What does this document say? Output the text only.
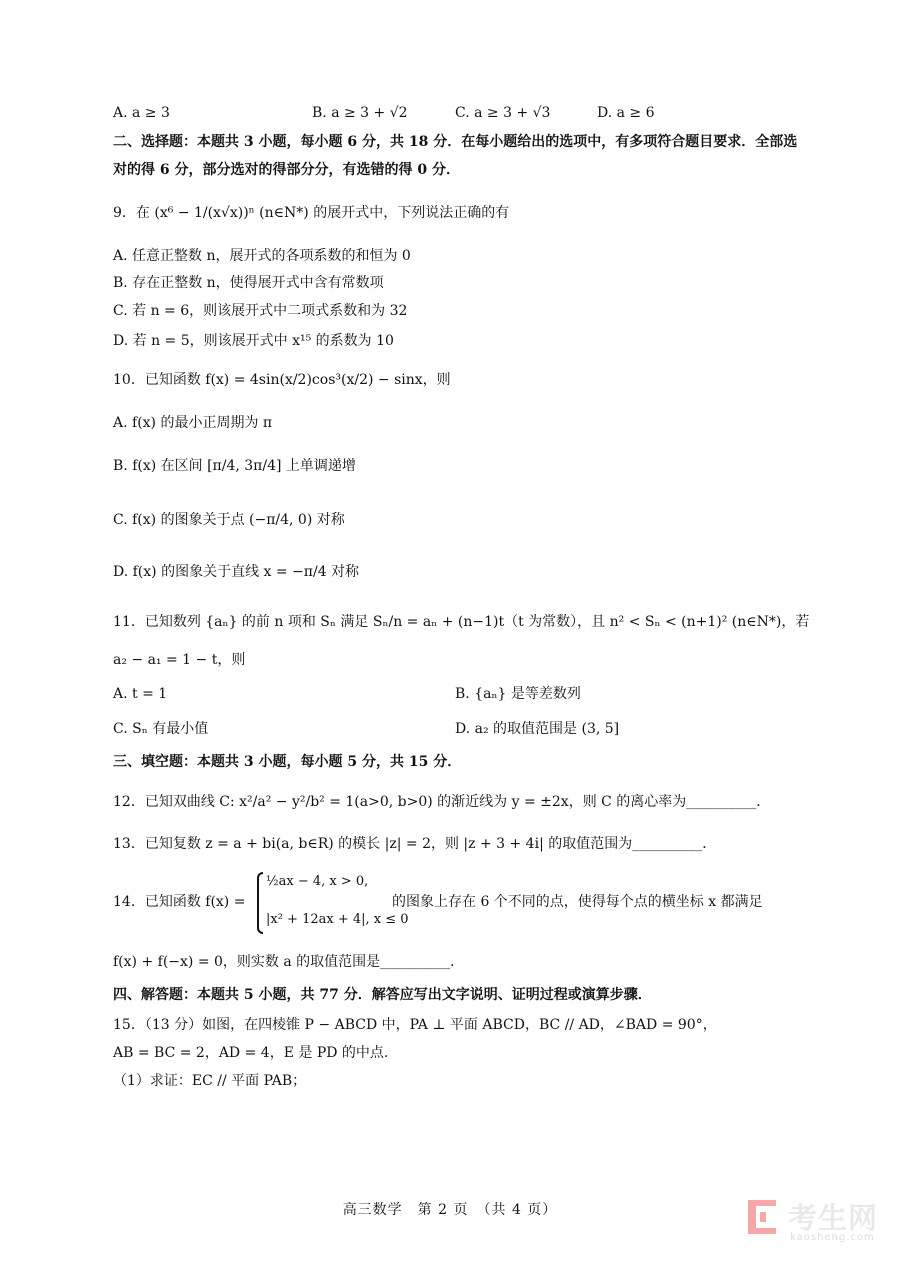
A. a ≥ 3	B. a ≥ 3 + √2	C. a ≥ 3 + √3	D. a ≥ 6
二、选择题：本题共 3 小题，每小题 6 分，共 18 分．在每小题给出的选项中，有多项符合题目要求．全部选
对的得 6 分，部分选对的得部分分，有选错的得 0 分．
9．在 (x⁶ − 1/(x√x))ⁿ (n∈N*) 的展开式中，下列说法正确的有
A. 任意正整数 n，展开式的各项系数的和恒为 0
B. 存在正整数 n，使得展开式中含有常数项
C. 若 n = 6，则该展开式中二项式系数和为 32
D. 若 n = 5，则该展开式中 x¹⁵ 的系数为 10
10．已知函数 f(x) = 4sin(x/2)cos³(x/2) − sinx，则
A. f(x) 的最小正周期为 π
B. f(x) 在区间 [π/4, 3π/4] 上单调递增
C. f(x) 的图象关于点 (−π/4, 0) 对称
D. f(x) 的图象关于直线 x = −π/4 对称
11．已知数列 {aₙ} 的前 n 项和 Sₙ 满足 Sₙ/n = aₙ + (n−1)t（t 为常数），且 n² < Sₙ < (n+1)² (n∈N*)，若
a₂ − a₁ = 1 − t，则
A. t = 1	B. {aₙ} 是等差数列
C. Sₙ 有最小值	D. a₂ 的取值范围是 (3, 5]
三、填空题：本题共 3 小题，每小题 5 分，共 15 分．
12．已知双曲线 C: x²/a² − y²/b² = 1(a>0, b>0) 的渐近线为 y = ±2x，则 C 的离心率为__________．
13．已知复数 z = a + bi(a, b∈R) 的模长 |z| = 2，则 |z + 3 + 4i| 的取值范围为__________．
14．已知函数 f(x) =
½ax − 4, x > 0,
|x² + 12ax + 4|, x ≤ 0
的图象上存在 6 个不同的点，使得每个点的横坐标 x 都满足
f(x) + f(−x) = 0，则实数 a 的取值范围是__________．
四、解答题：本题共 5 小题，共 77 分．解答应写出文字说明、证明过程或演算步骤．
15．（13 分）如图，在四棱锥 P − ABCD 中，PA ⊥ 平面 ABCD，BC // AD，∠BAD = 90°，
AB = BC = 2，AD = 4，E 是 PD 的中点.
（1）求证：EC // 平面 PAB；
高三数学　第 2 页　（共 4 页）	考生网
kaosheng.com
